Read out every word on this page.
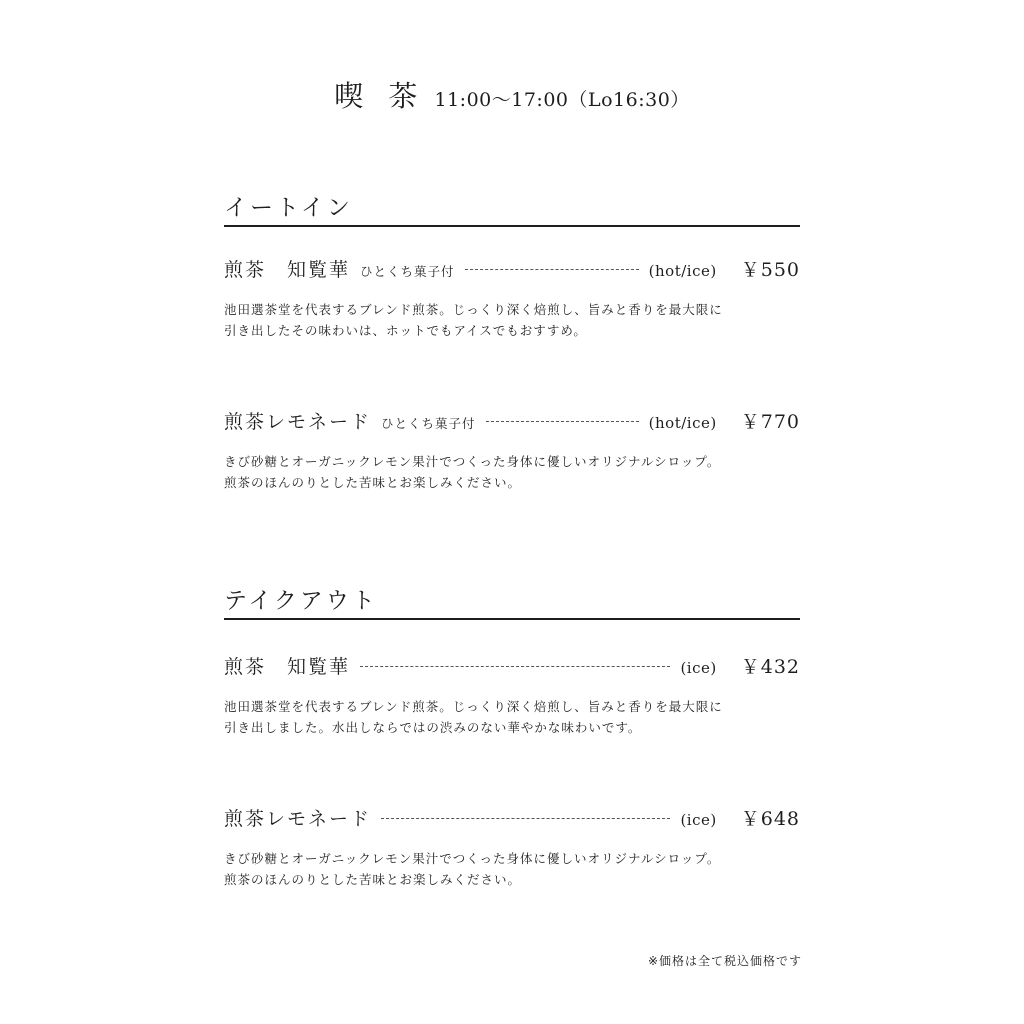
喫 茶 11:00〜17:00（Lo16:30）
イートイン
煎茶　知覧華 ひとくち菓子付	(hot/ice) ￥550
池田選茶堂を代表するブレンド煎茶。じっくり深く焙煎し、旨みと香りを最大限に
引き出したその味わいは、ホットでもアイスでもおすすめ。
煎茶レモネード ひとくち菓子付	(hot/ice) ￥770
きび砂糖とオーガニックレモン果汁でつくった身体に優しいオリジナルシロップ。
煎茶のほんのりとした苦味とお楽しみください。
テイクアウト
煎茶　知覧華	(ice) ￥432
池田選茶堂を代表するブレンド煎茶。じっくり深く焙煎し、旨みと香りを最大限に
引き出しました。水出しならではの渋みのない華やかな味わいです。
煎茶レモネード	(ice) ￥648
きび砂糖とオーガニックレモン果汁でつくった身体に優しいオリジナルシロップ。
煎茶のほんのりとした苦味とお楽しみください。
※価格は全て税込価格です
